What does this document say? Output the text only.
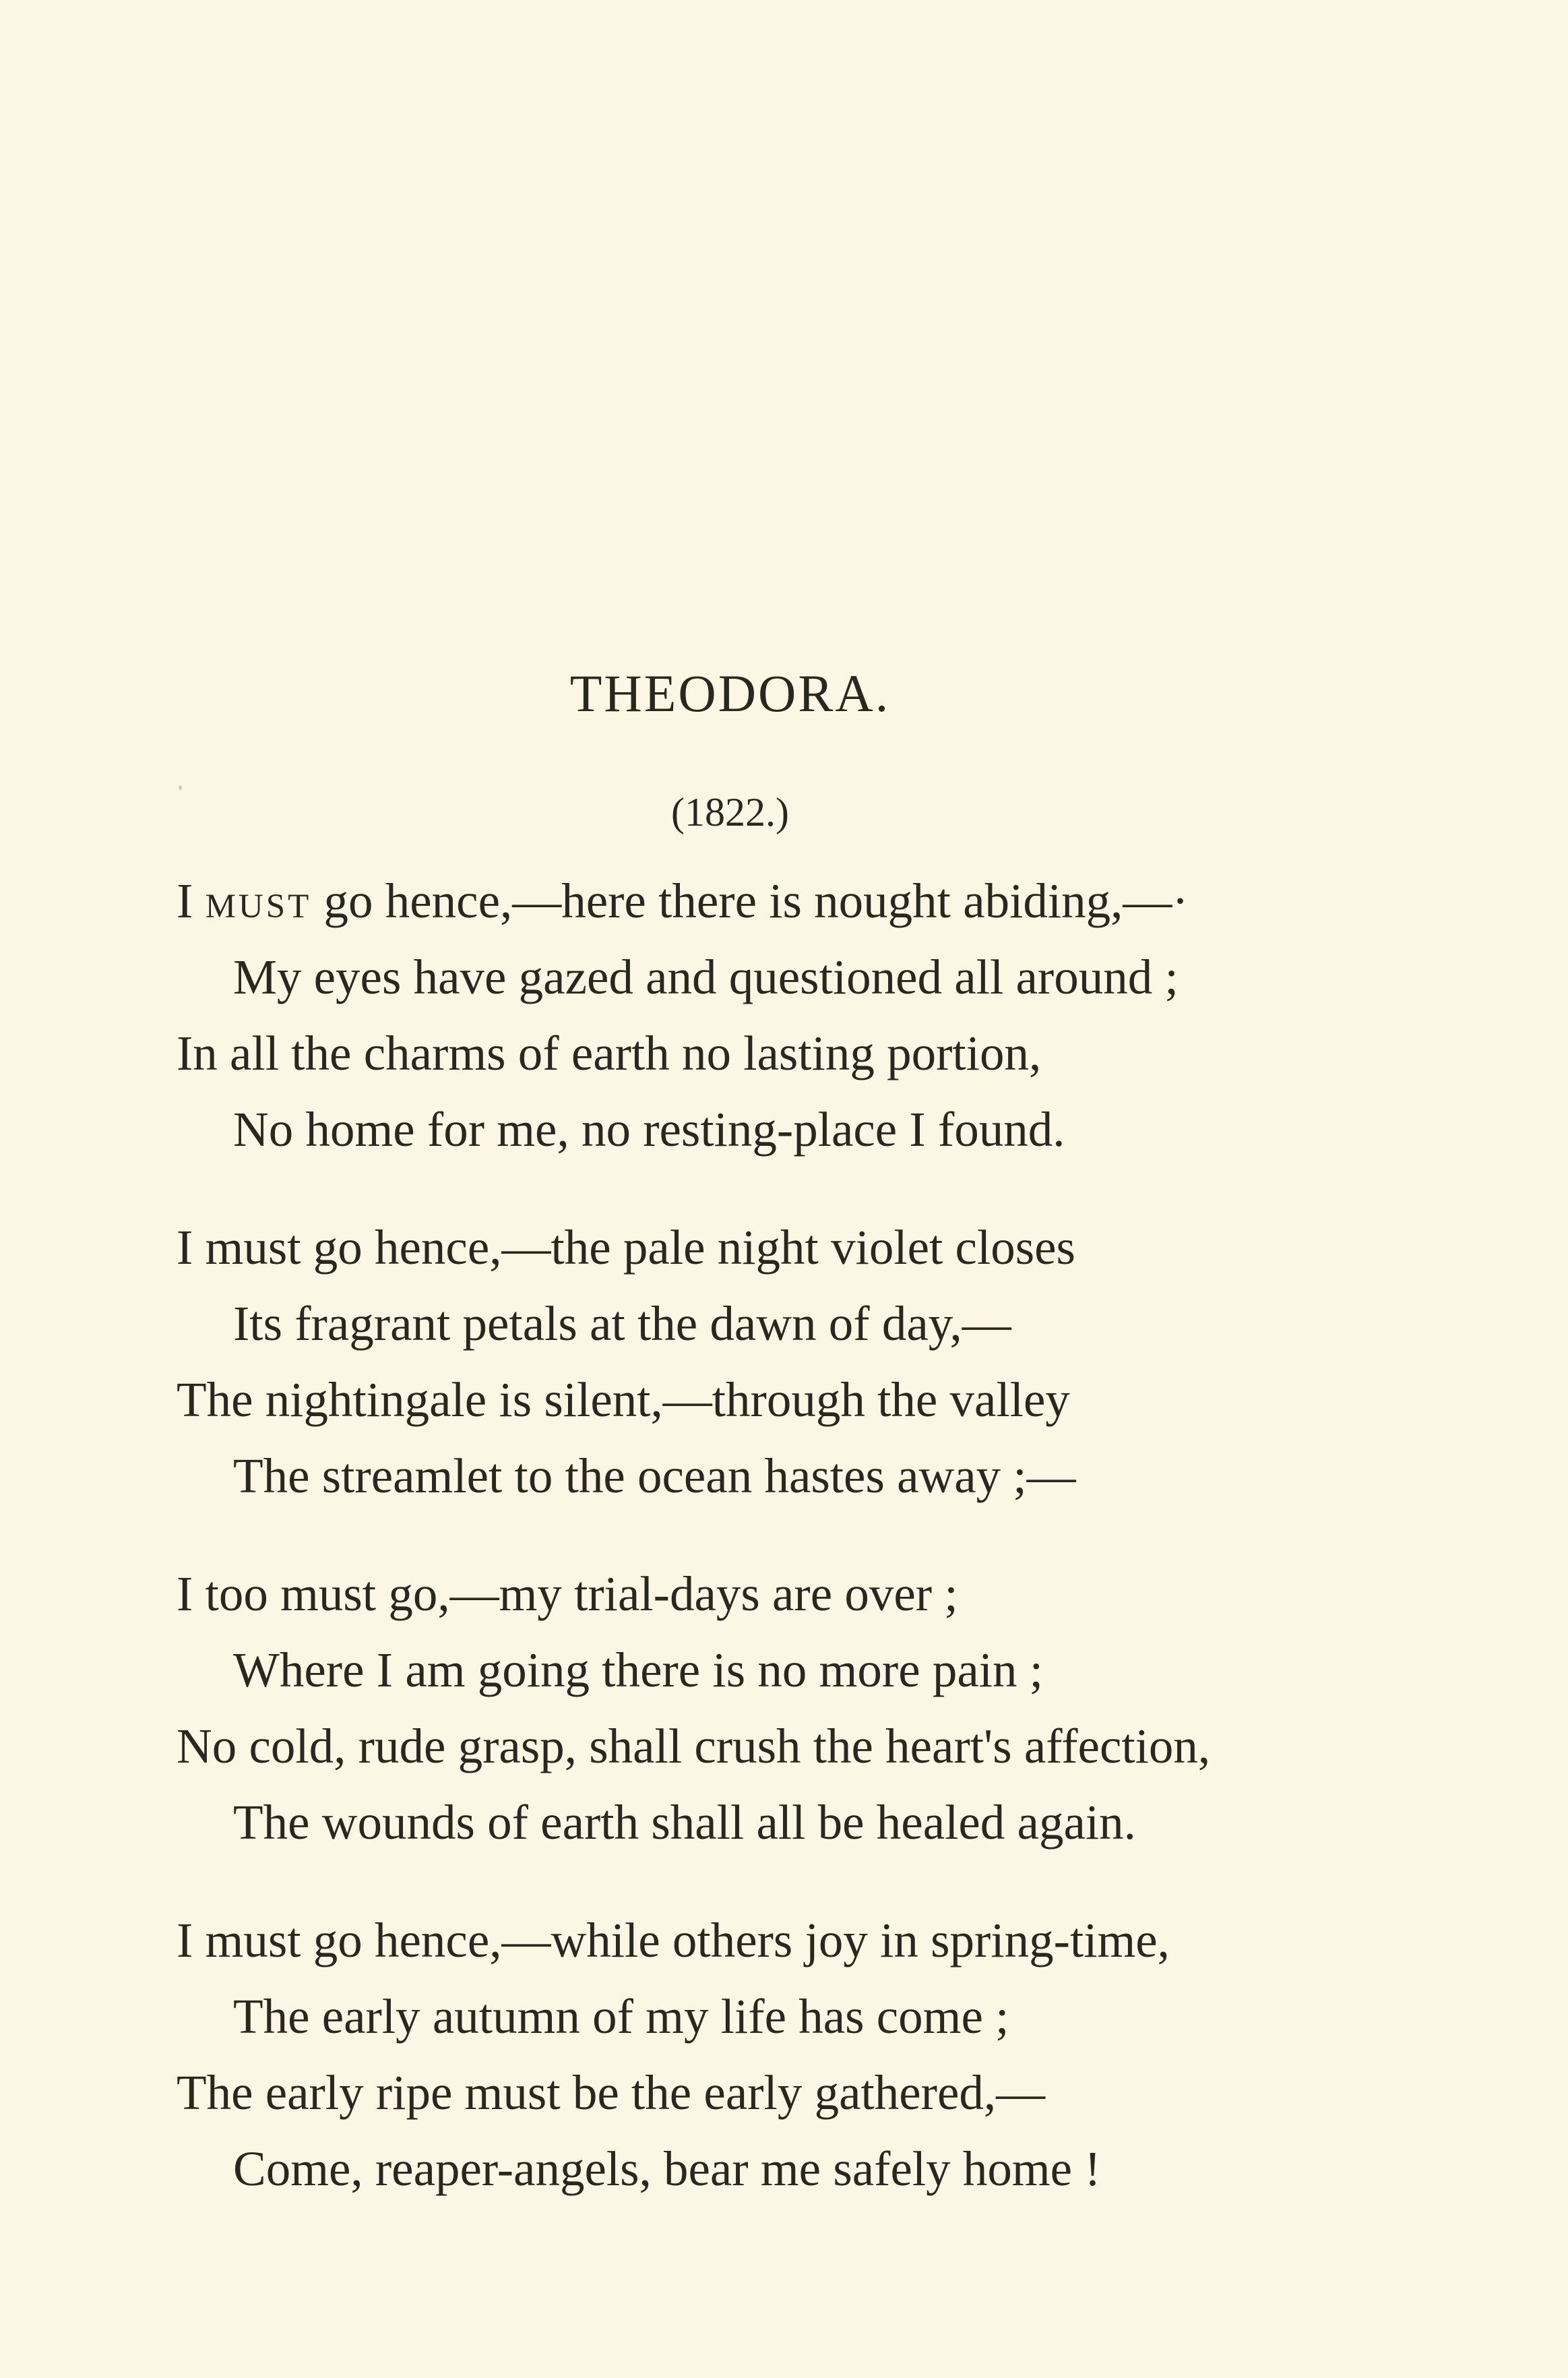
THEODORA.
(1822.)
I must go hence,—here there is nought abiding,—·
My eyes have gazed and questioned all around ;
In all the charms of earth no lasting portion,
No home for me, no resting-place I found.
I must go hence,—the pale night violet closes
Its fragrant petals at the dawn of day,—
The nightingale is silent,—through the valley
The streamlet to the ocean hastes away ;—
I too must go,—my trial-days are over ;
Where I am going there is no more pain ;
No cold, rude grasp, shall crush the heart's affection,
The wounds of earth shall all be healed again.
I must go hence,—while others joy in spring-time,
The early autumn of my life has come ;
The early ripe must be the early gathered,—
Come, reaper-angels, bear me safely home !
